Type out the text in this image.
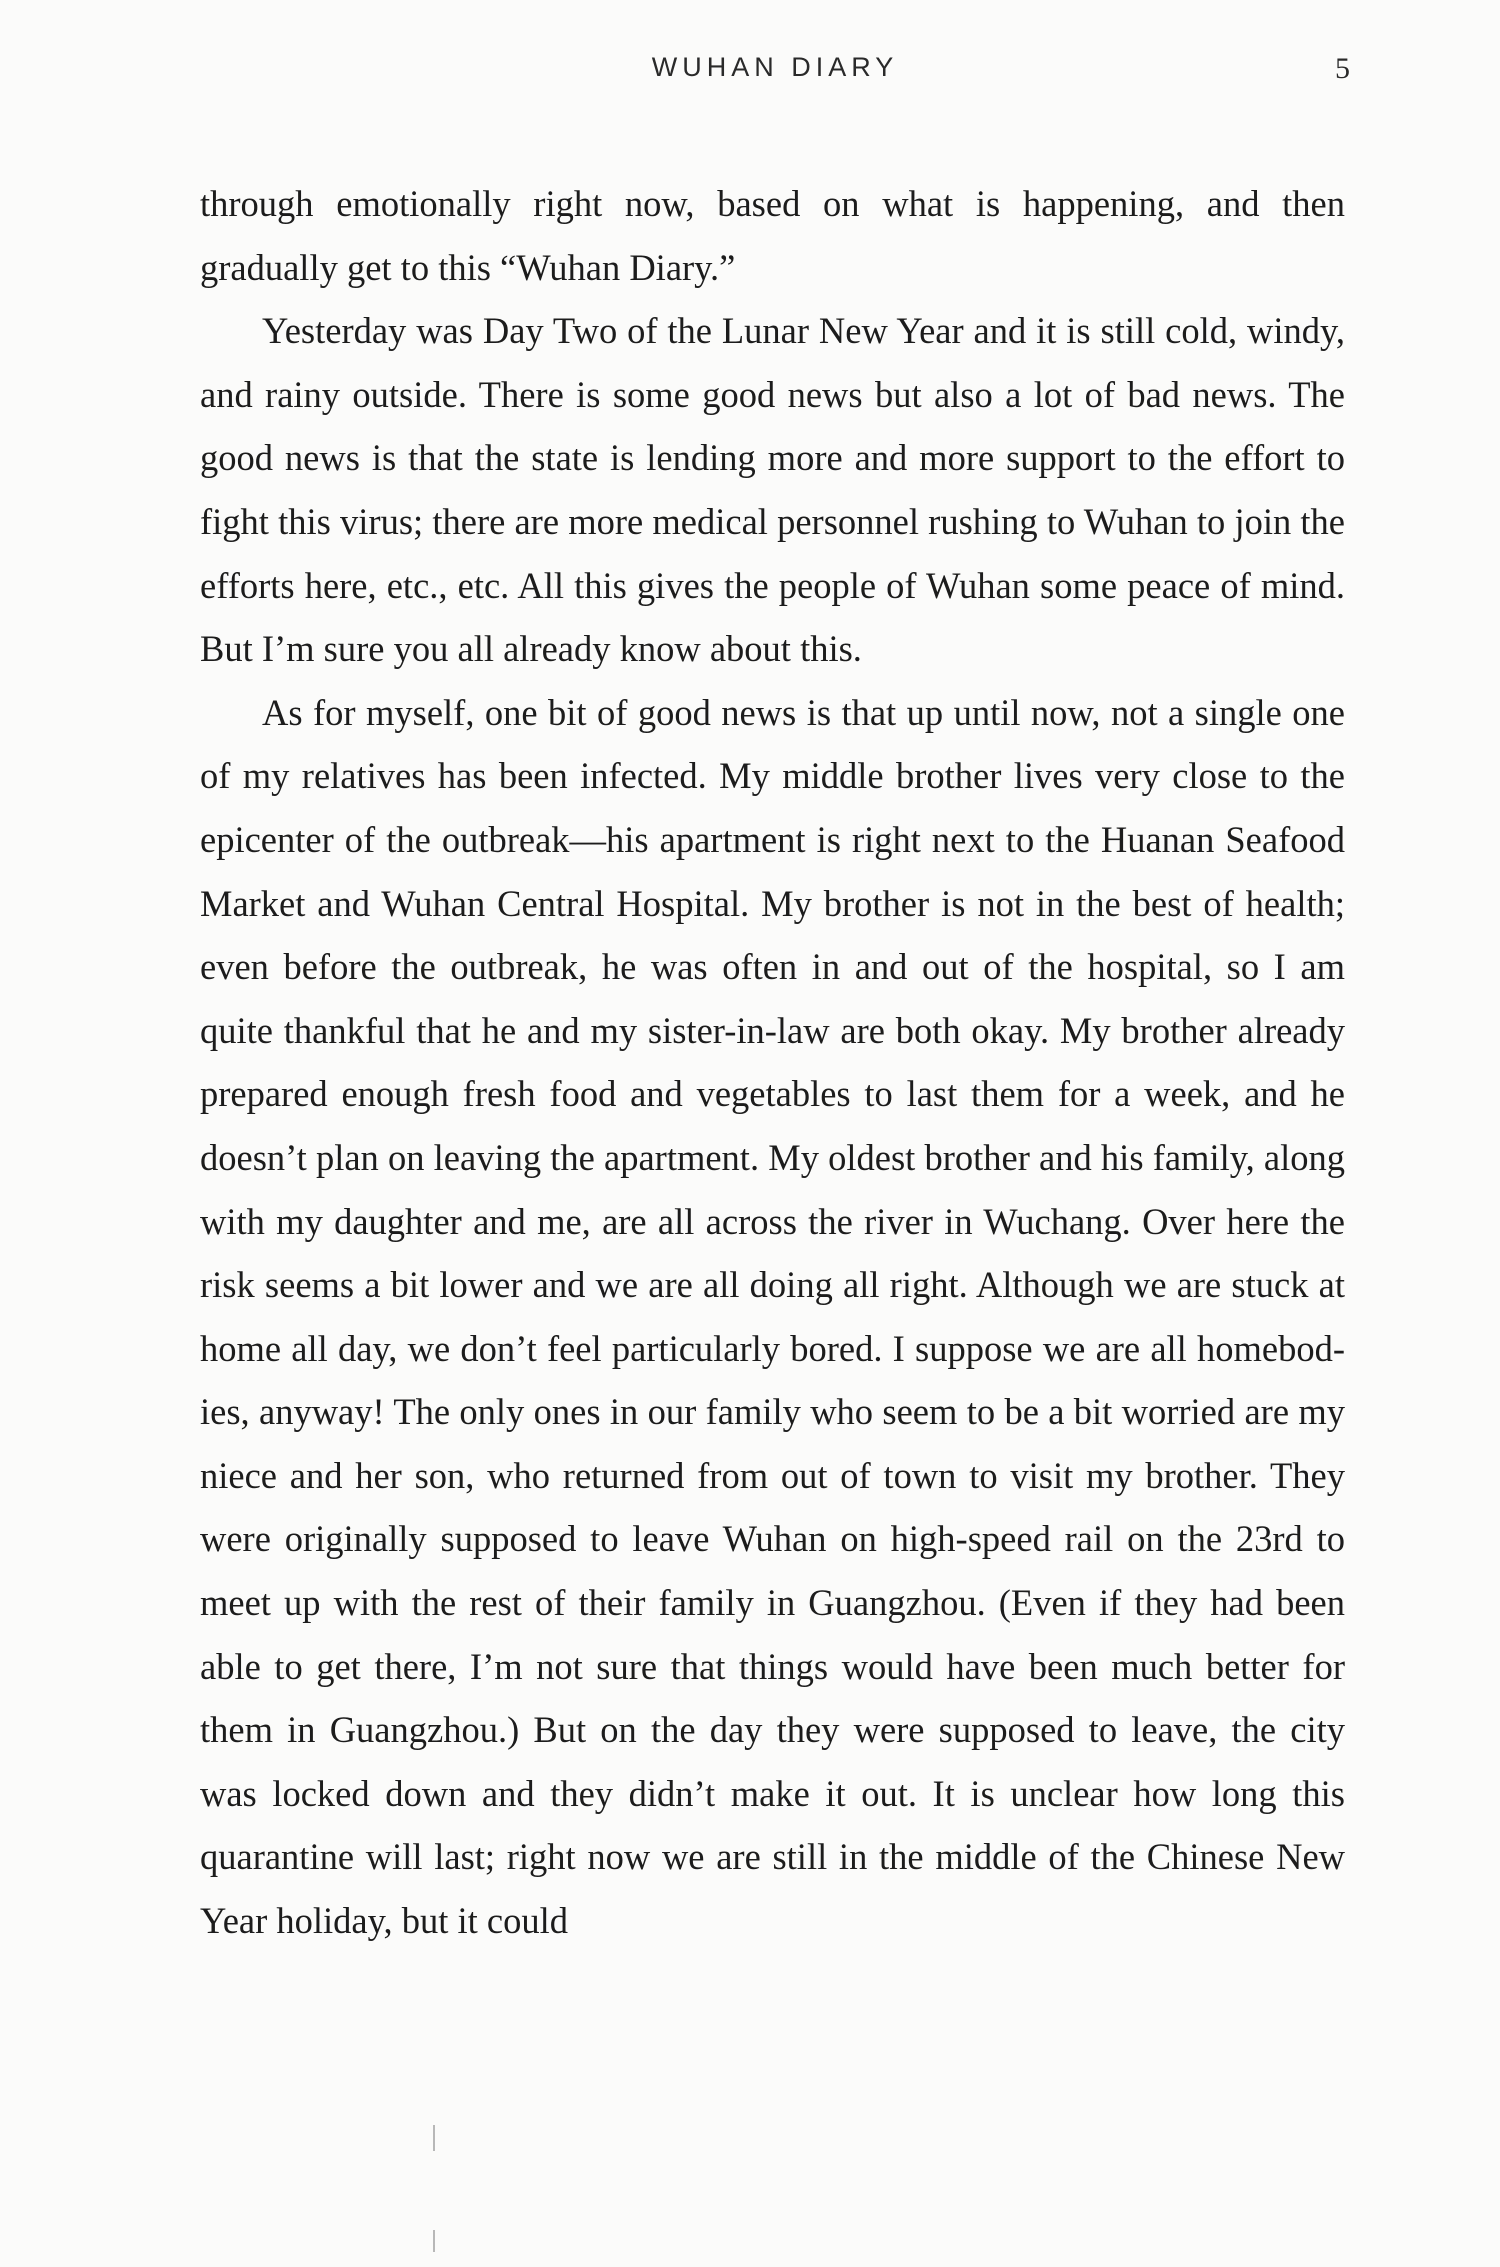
WUHAN DIARY	5

through emotionally right now, based on what is happening, and then gradually get to this “Wuhan Diary.”

Yesterday was Day Two of the Lunar New Year and it is still cold, windy, and rainy outside. There is some good news but also a lot of bad news. The good news is that the state is lending more and more support to the effort to fight this virus; there are more medical personnel rushing to Wuhan to join the efforts here, etc., etc. All this gives the people of Wuhan some peace of mind. But I’m sure you all already know about this.

As for myself, one bit of good news is that up until now, not a single one of my relatives has been infected. My middle brother lives very close to the epicenter of the outbreak—his apartment is right next to the Huanan Seafood Market and Wuhan Central Hospital. My brother is not in the best of health; even before the outbreak, he was often in and out of the hospital, so I am quite thankful that he and my sister-in-law are both okay. My brother already prepared enough fresh food and vegetables to last them for a week, and he doesn’t plan on leaving the apartment. My oldest brother and his family, along with my daughter and me, are all across the river in Wuchang. Over here the risk seems a bit lower and we are all doing all right. Although we are stuck at home all day, we don’t feel particularly bored. I suppose we are all homebodies, anyway! The only ones in our family who seem to be a bit worried are my niece and her son, who returned from out of town to visit my brother. They were originally supposed to leave Wuhan on high-speed rail on the 23rd to meet up with the rest of their family in Guangzhou. (Even if they had been able to get there, I’m not sure that things would have been much better for them in Guangzhou.) But on the day they were supposed to leave, the city was locked down and they didn’t make it out. It is unclear how long this quarantine will last; right now we are still in the middle of the Chinese New Year holiday, but it could
